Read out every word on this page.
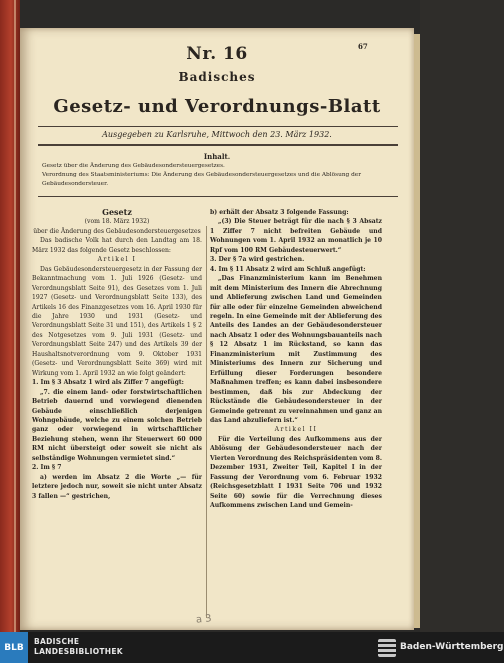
67
Nr. 16
Badisches
Gesetz- und Verordnungs-Blatt
Ausgegeben zu Karlsruhe, Mittwoch den 23. März 1932.
Inhalt.
Gesetz über die Änderung des Gebäudesondersteuergesetzes.
Verordnung des Staatsministeriums: Die Änderung des Gebäudesondersteuergesetzes und die Ablösung der Gebäudesondersteuer.

Gesetz

(vom 18. März 1932)

über die Änderung des Gebäudesondersteuergesetzes

Das badische Volk hat durch den Landtag am 18. März 1932 das folgende Gesetz beschlossen:

Artikel I

Das Gebäudesondersteuergesetz in der Fassung der Bekanntmachung vom 1. Juli 1926 (Gesetz- und Verordnungsblatt Seite 91), des Gesetzes vom 1. Juli 1927 (Gesetz- und Verordnungsblatt Seite 133), des Artikels 16 des Finanzgesetzes vom 16. April 1930 für die Jahre 1930 und 1931 (Gesetz- und Verordnungsblatt Seite 31 und 151), des Artikels 1 § 2 des Notgesetzes vom 9. Juli 1931 (Gesetz- und Verordnungsblatt Seite 247) und des Artikels 39 der Haushaltsnotverordnung vom 9. Oktober 1931 (Gesetz- und Verordnungsblatt Seite 369) wird mit Wirkung vom 1. April 1932 an wie folgt geändert:

1. Im § 3 Absatz 1 wird als Ziffer 7 angefügt:

„7. die einem land- oder forstwirtschaftlichen Betrieb dauernd und vorwiegend dienenden Gebäude einschließlich derjenigen Wohngebäude, welche zu einem solchen Betrieb ganz oder vorwiegend in wirtschaftlicher Beziehung stehen, wenn ihr Steuerwert 60 000 RM nicht übersteigt oder soweit sie nicht als selbständige Wohnungen vermietet sind.“

2. Im § 7

a) werden im Absatz 2 die Worte „— für letztere jedoch nur, soweit sie nicht unter Absatz 3 fallen —“ gestrichen,

b) erhält der Absatz 3 folgende Fassung:

„(3) Die Steuer beträgt für die nach § 3 Absatz 1 Ziffer 7 nicht befreiten Gebäude und Wohnungen vom 1. April 1932 an monatlich je 10 Rpf vom 100 RM Gebäudesteuerwert.“

3. Der § 7a wird gestrichen.

4. Im § 11 Absatz 2 wird am Schluß angefügt:

„Das Finanzministerium kann im Benehmen mit dem Ministerium des Innern die Abrechnung und Ablieferung zwischen Land und Gemeinden für alle oder für einzelne Gemeinden abweichend regeln. In eine Gemeinde mit der Ablieferung des Anteils des Landes an der Gebäudesondersteuer nach Absatz 1 oder des Wohnungsbauanteils nach § 12 Absatz 1 im Rückstand, so kann das Finanzministerium mit Zustimmung des Ministeriums des Innern zur Sicherung und Erfüllung dieser Forderungen besondere Maßnahmen treffen; es kann dabei insbesondere bestimmen, daß bis zur Abdeckung der Rückstände die Gebäudesondersteuer in der Gemeinde getrennt zu vereinnahmen und ganz an das Land abzuliefern ist.“

Artikel II

Für die Verteilung des Aufkommens aus der Ablösung der Gebäudesondersteuer nach der Vierten Verordnung des Reichspräsidenten vom 8. Dezember 1931, Zweiter Teil, Kapitel I in der Fassung der Verordnung vom 6. Februar 1932 (Reichsgesetzblatt I 1931 Seite 706 und 1932 Seite 60) sowie für die Verrechnung dieses Aufkommens zwischen Land und Gemein-

a 3
BLB
BADISCHE
LANDESBIBLIOTHEK	Baden-Württemberg
